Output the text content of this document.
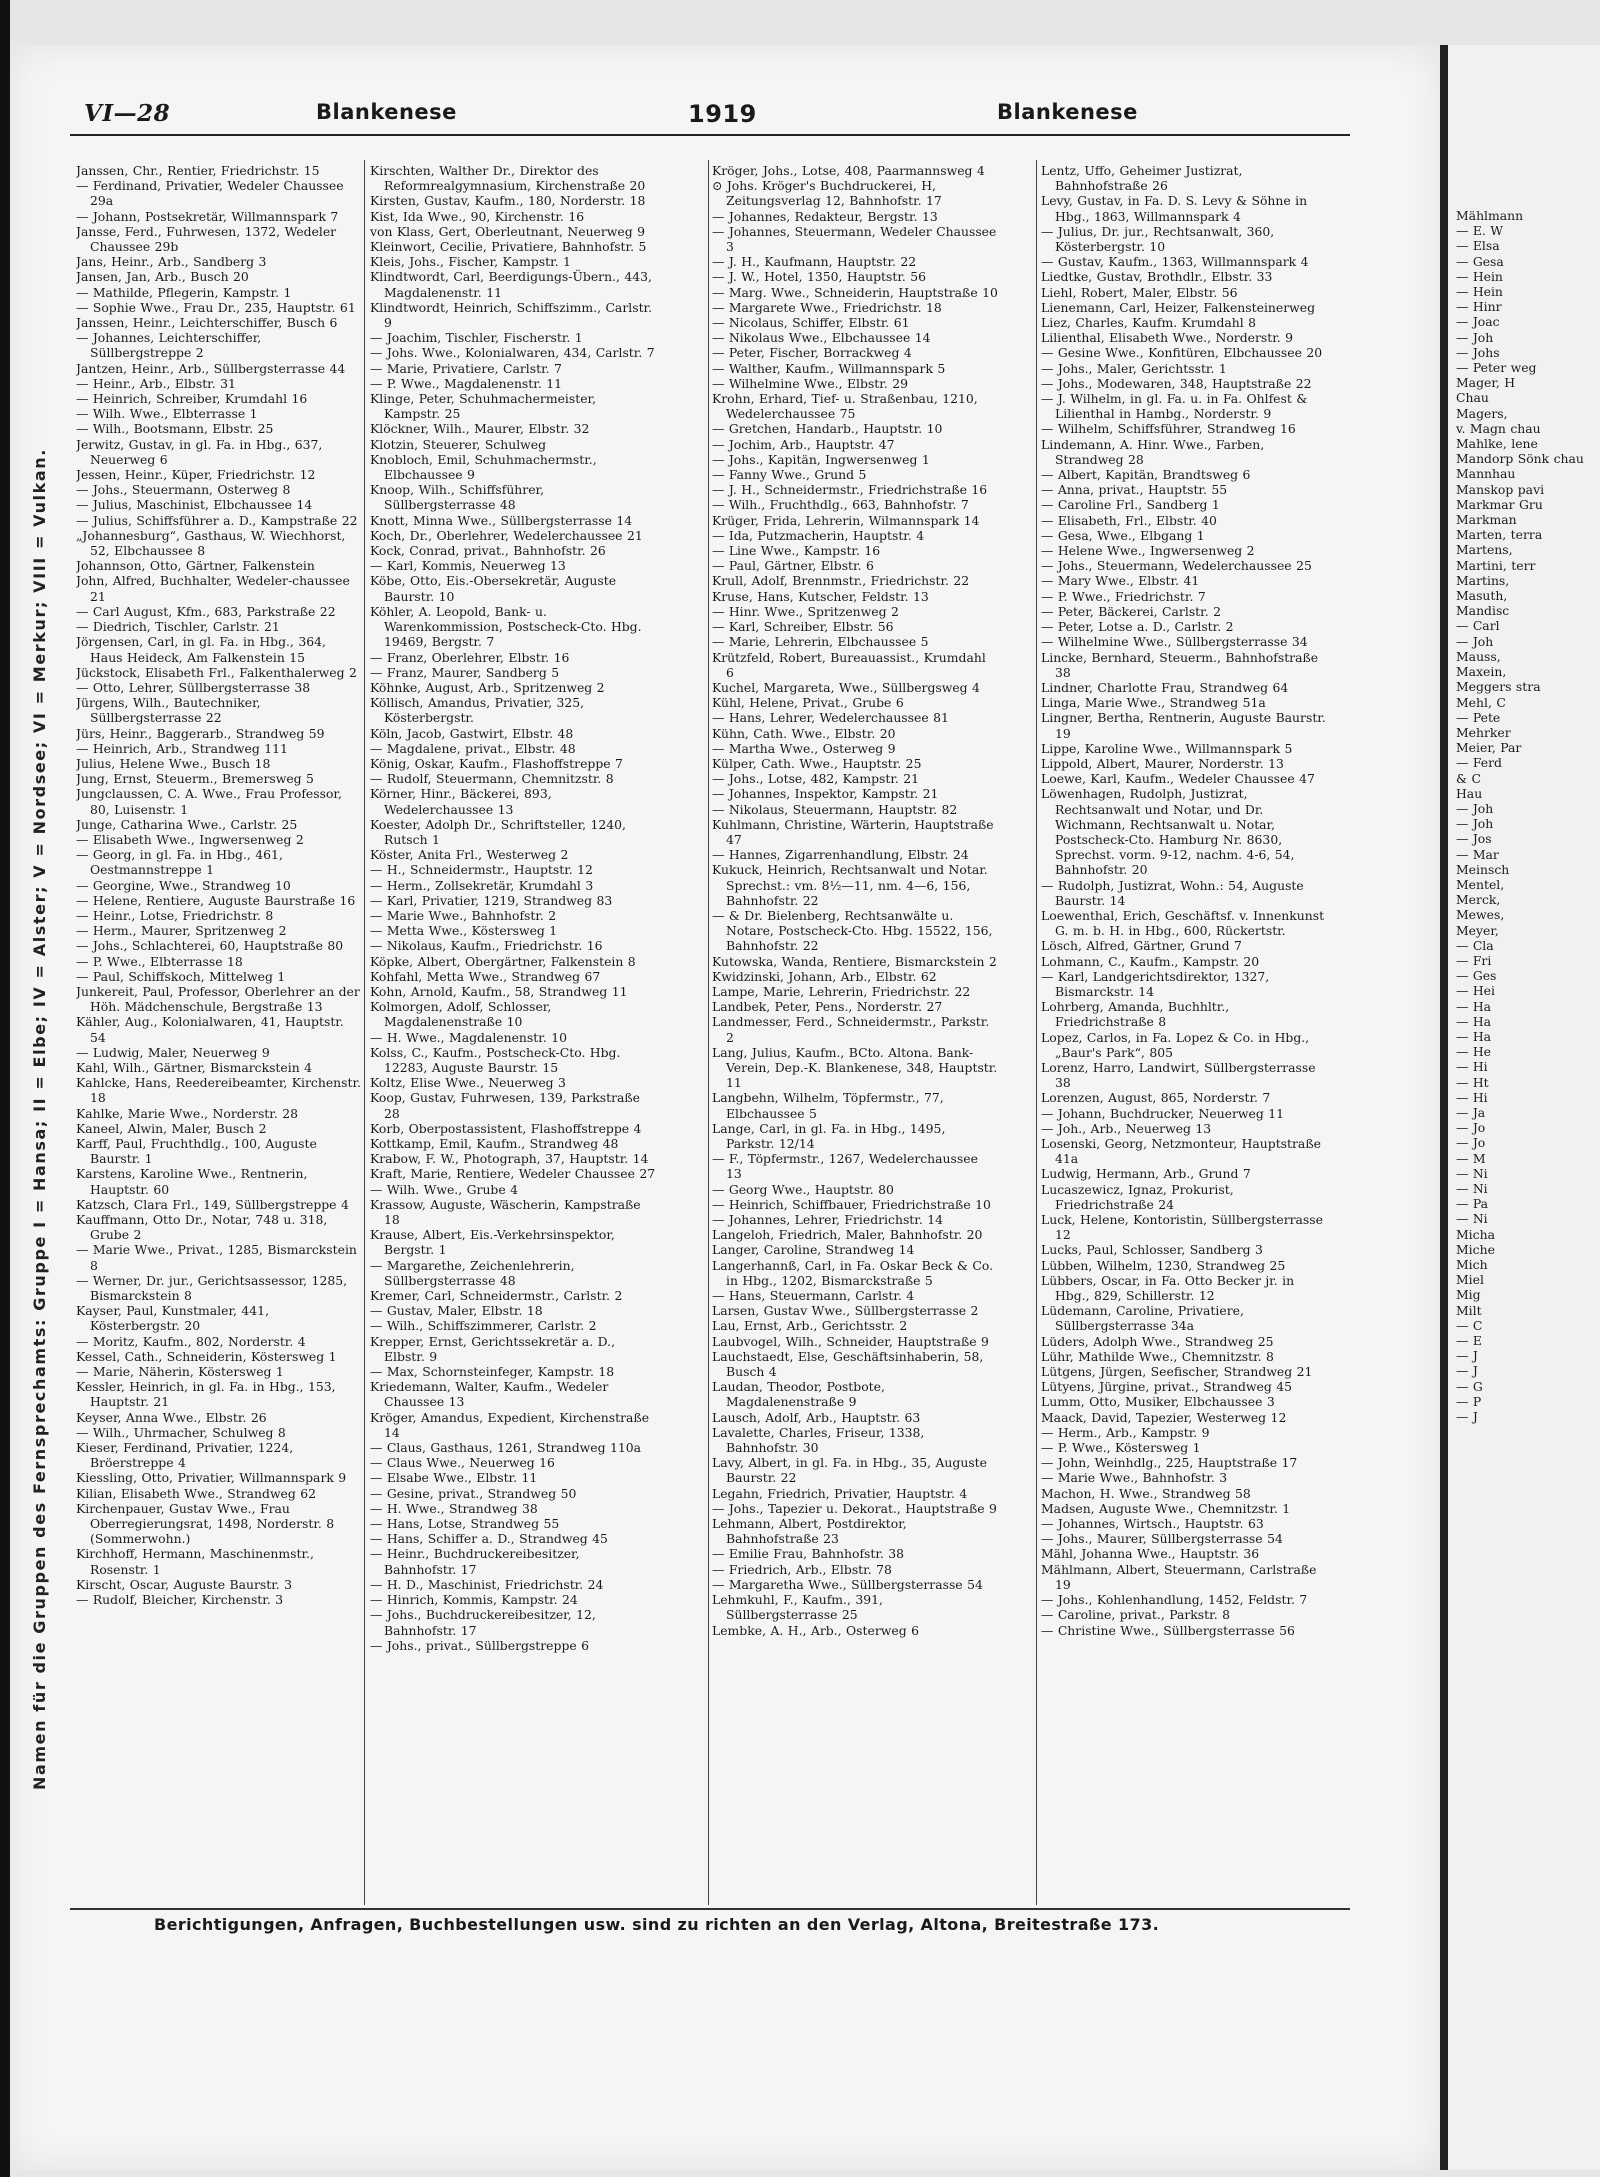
Mählmann

— E. W

— Elsa

— Gesa

— Hein

— Hein

— Hinr

— Joac

— Joh

— Johs

— Peter weg

Mager, H

Chau

Magers,

v. Magn chau

Mahlke, lene

Mandorp Sönk chau

Mannhau

Manskop pavi

Markmar Gru

Markman

Marten, terra

Martens,

Martini, terr

Martins,

Masuth,

Mandisc

— Carl

— Joh

Mauss,

Maxein,

Meggers stra

Mehl, C

— Pete

Mehrker

Meier, Par

— Ferd

& C

Hau

— Joh

— Joh

— Jos

— Mar

Meinsch

Mentel,

Merck,

Mewes,

Meyer,

— Cla

— Fri

— Ges

— Hei

— Ha

— Ha

— Ha

— He

— Hi

— Ht

— Hi

— Ja

— Jo

— Jo

— M

— Ni

— Ni

— Pa

— Ni

Micha

Miche

Mich

Miel

Mig

Milt

— C

— E

— J

— J

— G

— P

— J

VI—28	Blankenese	1919	Blankenese
Namen für die Gruppen des Fernsprechamts: Gruppe I = Hansa; II = Elbe; IV = Alster; V = Nordsee; VI = Merkur; VIII = Vulkan.

Janssen, Chr., Rentier, Friedrichstr. 15

— Ferdinand, Privatier, Wedeler Chaussee 29a

— Johann, Postsekretär, Willmannspark 7

Jansse, Ferd., Fuhrwesen, 1372, Wedeler Chaussee 29b

Jans, Heinr., Arb., Sandberg 3

Jansen, Jan, Arb., Busch 20

— Mathilde, Pflegerin, Kampstr. 1

— Sophie Wwe., Frau Dr., 235, Hauptstr. 61

Janssen, Heinr., Leichterschiffer, Busch 6

— Johannes, Leichterschiffer, Süllbergstreppe 2

Jantzen, Heinr., Arb., Süllbergsterrasse 44

— Heinr., Arb., Elbstr. 31

— Heinrich, Schreiber, Krumdahl 16

— Wilh. Wwe., Elbterrasse 1

— Wilh., Bootsmann, Elbstr. 25

Jerwitz, Gustav, in gl. Fa. in Hbg., 637, Neuerweg 6

Jessen, Heinr., Küper, Friedrichstr. 12

— Johs., Steuermann, Osterweg 8

— Julius, Maschinist, Elbchaussee 14

— Julius, Schiffsführer a. D., Kampstraße 22

„Johannesburg“, Gasthaus, W. Wiechhorst, 52, Elbchaussee 8

Johannson, Otto, Gärtner, Falkenstein

John, Alfred, Buchhalter, Wedeler-chaussee 21

— Carl August, Kfm., 683, Parkstraße 22

— Diedrich, Tischler, Carlstr. 21

Jörgensen, Carl, in gl. Fa. in Hbg., 364, Haus Heideck, Am Falkenstein 15

Jückstock, Elisabeth Frl., Falkenthalerweg 2

— Otto, Lehrer, Süllbergsterrasse 38

Jürgens, Wilh., Bautechniker, Süllbergsterrasse 22

Jürs, Heinr., Baggerarb., Strandweg 59

— Heinrich, Arb., Strandweg 111

Julius, Helene Wwe., Busch 18

Jung, Ernst, Steuerm., Bremersweg 5

Jungclaussen, C. A. Wwe., Frau Professor, 80, Luisenstr. 1

Junge, Catharina Wwe., Carlstr. 25

— Elisabeth Wwe., Ingwersenweg 2

— Georg, in gl. Fa. in Hbg., 461, Oestmannstreppe 1

— Georgine, Wwe., Strandweg 10

— Helene, Rentiere, Auguste Baurstraße 16

— Heinr., Lotse, Friedrichstr. 8

— Herm., Maurer, Spritzenweg 2

— Johs., Schlachterei, 60, Hauptstraße 80

— P. Wwe., Elbterrasse 18

— Paul, Schiffskoch, Mittelweg 1

Junkereit, Paul, Professor, Oberlehrer an der Höh. Mädchenschule, Bergstraße 13

Kähler, Aug., Kolonialwaren, 41, Hauptstr. 54

— Ludwig, Maler, Neuerweg 9

Kahl, Wilh., Gärtner, Bismarckstein 4

Kahlcke, Hans, Reedereibeamter, Kirchenstr. 18

Kahlke, Marie Wwe., Norderstr. 28

Kaneel, Alwin, Maler, Busch 2

Karff, Paul, Fruchthdlg., 100, Auguste Baurstr. 1

Karstens, Karoline Wwe., Rentnerin, Hauptstr. 60

Katzsch, Clara Frl., 149, Süllbergstreppe 4

Kauffmann, Otto Dr., Notar, 748 u. 318, Grube 2

— Marie Wwe., Privat., 1285, Bismarckstein 8

— Werner, Dr. jur., Gerichtsassessor, 1285, Bismarckstein 8

Kayser, Paul, Kunstmaler, 441, Kösterbergstr. 20

— Moritz, Kaufm., 802, Norderstr. 4

Kessel, Cath., Schneiderin, Köstersweg 1

— Marie, Näherin, Köstersweg 1

Kessler, Heinrich, in gl. Fa. in Hbg., 153, Hauptstr. 21

Keyser, Anna Wwe., Elbstr. 26

— Wilh., Uhrmacher, Schulweg 8

Kieser, Ferdinand, Privatier, 1224, Bröerstreppe 4

Kiessling, Otto, Privatier, Willmannspark 9

Kilian, Elisabeth Wwe., Strandweg 62

Kirchenpauer, Gustav Wwe., Frau Oberregierungsrat, 1498, Norderstr. 8 (Sommerwohn.)

Kirchhoff, Hermann, Maschinenmstr., Rosenstr. 1

Kirscht, Oscar, Auguste Baurstr. 3

— Rudolf, Bleicher, Kirchenstr. 3

Kirschten, Walther Dr., Direktor des Reformrealgymnasium, Kirchenstraße 20

Kirsten, Gustav, Kaufm., 180, Norderstr. 18

Kist, Ida Wwe., 90, Kirchenstr. 16

von Klass, Gert, Oberleutnant, Neuerweg 9

Kleinwort, Cecilie, Privatiere, Bahnhofstr. 5

Kleis, Johs., Fischer, Kampstr. 1

Klindtwordt, Carl, Beerdigungs-Übern., 443, Magdalenenstr. 11

Klindtwordt, Heinrich, Schiffszimm., Carlstr. 9

— Joachim, Tischler, Fischerstr. 1

— Johs. Wwe., Kolonialwaren, 434, Carlstr. 7

— Marie, Privatiere, Carlstr. 7

— P. Wwe., Magdalenenstr. 11

Klinge, Peter, Schuhmachermeister, Kampstr. 25

Klöckner, Wilh., Maurer, Elbstr. 32

Klotzin, Steuerer, Schulweg

Knobloch, Emil, Schuhmachermstr., Elbchaussee 9

Knoop, Wilh., Schiffsführer, Süllbergsterrasse 48

Knott, Minna Wwe., Süllbergsterrasse 14

Koch, Dr., Oberlehrer, Wedelerchaussee 21

Kock, Conrad, privat., Bahnhofstr. 26

— Karl, Kommis, Neuerweg 13

Köbe, Otto, Eis.-Obersekretär, Auguste Baurstr. 10

Köhler, A. Leopold, Bank- u. Warenkommission, Postscheck-Cto. Hbg. 19469, Bergstr. 7

— Franz, Oberlehrer, Elbstr. 16

— Franz, Maurer, Sandberg 5

Köhnke, August, Arb., Spritzenweg 2

Köllisch, Amandus, Privatier, 325, Kösterbergstr.

Köln, Jacob, Gastwirt, Elbstr. 48

— Magdalene, privat., Elbstr. 48

König, Oskar, Kaufm., Flashoffstreppe 7

— Rudolf, Steuermann, Chemnitzstr. 8

Körner, Hinr., Bäckerei, 893, Wedelerchaussee 13

Koester, Adolph Dr., Schriftsteller, 1240, Rutsch 1

Köster, Anita Frl., Westerweg 2

— H., Schneidermstr., Hauptstr. 12

— Herm., Zollsekretär, Krumdahl 3

— Karl, Privatier, 1219, Strandweg 83

— Marie Wwe., Bahnhofstr. 2

— Metta Wwe., Köstersweg 1

— Nikolaus, Kaufm., Friedrichstr. 16

Köpke, Albert, Obergärtner, Falkenstein 8

Kohfahl, Metta Wwe., Strandweg 67

Kohn, Arnold, Kaufm., 58, Strandweg 11

Kolmorgen, Adolf, Schlosser, Magdalenenstraße 10

— H. Wwe., Magdalenenstr. 10

Kolss, C., Kaufm., Postscheck-Cto. Hbg. 12283, Auguste Baurstr. 15

Koltz, Elise Wwe., Neuerweg 3

Koop, Gustav, Fuhrwesen, 139, Parkstraße 28

Korb, Oberpostassistent, Flashoffstreppe 4

Kottkamp, Emil, Kaufm., Strandweg 48

Krabow, F. W., Photograph, 37, Hauptstr. 14

Kraft, Marie, Rentiere, Wedeler Chaussee 27

— Wilh. Wwe., Grube 4

Krassow, Auguste, Wäscherin, Kampstraße 18

Krause, Albert, Eis.-Verkehrsinspektor, Bergstr. 1

— Margarethe, Zeichenlehrerin, Süllbergsterrasse 48

Kremer, Carl, Schneidermstr., Carlstr. 2

— Gustav, Maler, Elbstr. 18

— Wilh., Schiffszimmerer, Carlstr. 2

Krepper, Ernst, Gerichtssekretär a. D., Elbstr. 9

— Max, Schornsteinfeger, Kampstr. 18

Kriedemann, Walter, Kaufm., Wedeler Chaussee 13

Kröger, Amandus, Expedient, Kirchenstraße 14

— Claus, Gasthaus, 1261, Strandweg 110a

— Claus Wwe., Neuerweg 16

— Elsabe Wwe., Elbstr. 11

— Gesine, privat., Strandweg 50

— H. Wwe., Strandweg 38

— Hans, Lotse, Strandweg 55

— Hans, Schiffer a. D., Strandweg 45

— Heinr., Buchdruckereibesitzer, Bahnhofstr. 17

— H. D., Maschinist, Friedrichstr. 24

— Hinrich, Kommis, Kampstr. 24

— Johs., Buchdruckereibesitzer, 12, Bahnhofstr. 17

— Johs., privat., Süllbergstreppe 6

Kröger, Johs., Lotse, 408, Paarmannsweg 4

⊙ Johs. Kröger's Buchdruckerei, H, Zeitungsverlag 12, Bahnhofstr. 17

— Johannes, Redakteur, Bergstr. 13

— Johannes, Steuermann, Wedeler Chaussee 3

— J. H., Kaufmann, Hauptstr. 22

— J. W., Hotel, 1350, Hauptstr. 56

— Marg. Wwe., Schneiderin, Hauptstraße 10

— Margarete Wwe., Friedrichstr. 18

— Nicolaus, Schiffer, Elbstr. 61

— Nikolaus Wwe., Elbchaussee 14

— Peter, Fischer, Borrackweg 4

— Walther, Kaufm., Willmannspark 5

— Wilhelmine Wwe., Elbstr. 29

Krohn, Erhard, Tief- u. Straßenbau, 1210, Wedelerchaussee 75

— Gretchen, Handarb., Hauptstr. 10

— Jochim, Arb., Hauptstr. 47

— Johs., Kapitän, Ingwersenweg 1

— Fanny Wwe., Grund 5

— J. H., Schneidermstr., Friedrichstraße 16

— Wilh., Fruchthdlg., 663, Bahnhofstr. 7

Krüger, Frida, Lehrerin, Wilmannspark 14

— Ida, Putzmacherin, Hauptstr. 4

— Line Wwe., Kampstr. 16

— Paul, Gärtner, Elbstr. 6

Krull, Adolf, Brennmstr., Friedrichstr. 22

Kruse, Hans, Kutscher, Feldstr. 13

— Hinr. Wwe., Spritzenweg 2

— Karl, Schreiber, Elbstr. 56

— Marie, Lehrerin, Elbchaussee 5

Krützfeld, Robert, Bureauassist., Krumdahl 6

Kuchel, Margareta, Wwe., Süllbergsweg 4

Kühl, Helene, Privat., Grube 6

— Hans, Lehrer, Wedelerchaussee 81

Kühn, Cath. Wwe., Elbstr. 20

— Martha Wwe., Osterweg 9

Külper, Cath. Wwe., Hauptstr. 25

— Johs., Lotse, 482, Kampstr. 21

— Johannes, Inspektor, Kampstr. 21

— Nikolaus, Steuermann, Hauptstr. 82

Kuhlmann, Christine, Wärterin, Hauptstraße 47

— Hannes, Zigarrenhandlung, Elbstr. 24

Kukuck, Heinrich, Rechtsanwalt und Notar. Sprechst.: vm. 8½—11, nm. 4—6, 156, Bahnhofstr. 22

— & Dr. Bielenberg, Rechtsanwälte u. Notare, Postscheck-Cto. Hbg. 15522, 156, Bahnhofstr. 22

Kutowska, Wanda, Rentiere, Bismarckstein 2

Kwidzinski, Johann, Arb., Elbstr. 62

Lampe, Marie, Lehrerin, Friedrichstr. 22

Landbek, Peter, Pens., Norderstr. 27

Landmesser, Ferd., Schneidermstr., Parkstr. 2

Lang, Julius, Kaufm., BCto. Altona. Bank-Verein, Dep.-K. Blankenese, 348, Hauptstr. 11

Langbehn, Wilhelm, Töpfermstr., 77, Elbchaussee 5

Lange, Carl, in gl. Fa. in Hbg., 1495, Parkstr. 12/14

— F., Töpfermstr., 1267, Wedelerchaussee 13

— Georg Wwe., Hauptstr. 80

— Heinrich, Schiffbauer, Friedrichstraße 10

— Johannes, Lehrer, Friedrichstr. 14

Langeloh, Friedrich, Maler, Bahnhofstr. 20

Langer, Caroline, Strandweg 14

Langerhannß, Carl, in Fa. Oskar Beck & Co. in Hbg., 1202, Bismarckstraße 5

— Hans, Steuermann, Carlstr. 4

Larsen, Gustav Wwe., Süllbergsterrasse 2

Lau, Ernst, Arb., Gerichtsstr. 2

Laubvogel, Wilh., Schneider, Hauptstraße 9

Lauchstaedt, Else, Geschäftsinhaberin, 58, Busch 4

Laudan, Theodor, Postbote, Magdalenenstraße 9

Lausch, Adolf, Arb., Hauptstr. 63

Lavalette, Charles, Friseur, 1338, Bahnhofstr. 30

Lavy, Albert, in gl. Fa. in Hbg., 35, Auguste Baurstr. 22

Legahn, Friedrich, Privatier, Hauptstr. 4

— Johs., Tapezier u. Dekorat., Hauptstraße 9

Lehmann, Albert, Postdirektor, Bahnhofstraße 23

— Emilie Frau, Bahnhofstr. 38

— Friedrich, Arb., Elbstr. 78

— Margaretha Wwe., Süllbergsterrasse 54

Lehmkuhl, F., Kaufm., 391, Süllbergsterrasse 25

Lembke, A. H., Arb., Osterweg 6

Lentz, Uffo, Geheimer Justizrat, Bahnhofstraße 26

Levy, Gustav, in Fa. D. S. Levy & Söhne in Hbg., 1863, Willmannspark 4

— Julius, Dr. jur., Rechtsanwalt, 360, Kösterbergstr. 10

— Gustav, Kaufm., 1363, Willmannspark 4

Liedtke, Gustav, Brothdlr., Elbstr. 33

Liehl, Robert, Maler, Elbstr. 56

Lienemann, Carl, Heizer, Falkensteinerweg

Liez, Charles, Kaufm. Krumdahl 8

Lilienthal, Elisabeth Wwe., Norderstr. 9

— Gesine Wwe., Konfitüren, Elbchaussee 20

— Johs., Maler, Gerichtsstr. 1

— Johs., Modewaren, 348, Hauptstraße 22

— J. Wilhelm, in gl. Fa. u. in Fa. Ohlfest & Lilienthal in Hambg., Norderstr. 9

— Wilhelm, Schiffsführer, Strandweg 16

Lindemann, A. Hinr. Wwe., Farben, Strandweg 28

— Albert, Kapitän, Brandtsweg 6

— Anna, privat., Hauptstr. 55

— Caroline Frl., Sandberg 1

— Elisabeth, Frl., Elbstr. 40

— Gesa, Wwe., Elbgang 1

— Helene Wwe., Ingwersenweg 2

— Johs., Steuermann, Wedelerchaussee 25

— Mary Wwe., Elbstr. 41

— P. Wwe., Friedrichstr. 7

— Peter, Bäckerei, Carlstr. 2

— Peter, Lotse a. D., Carlstr. 2

— Wilhelmine Wwe., Süllbergsterrasse 34

Lincke, Bernhard, Steuerm., Bahnhofstraße 38

Lindner, Charlotte Frau, Strandweg 64

Linga, Marie Wwe., Strandweg 51a

Lingner, Bertha, Rentnerin, Auguste Baurstr. 19

Lippe, Karoline Wwe., Willmannspark 5

Lippold, Albert, Maurer, Norderstr. 13

Loewe, Karl, Kaufm., Wedeler Chaussee 47

Löwenhagen, Rudolph, Justizrat, Rechtsanwalt und Notar, und Dr. Wichmann, Rechtsanwalt u. Notar, Postscheck-Cto. Hamburg Nr. 8630, Sprechst. vorm. 9-12, nachm. 4-6, 54, Bahnhofstr. 20

— Rudolph, Justizrat, Wohn.: 54, Auguste Baurstr. 14

Loewenthal, Erich, Geschäftsf. v. Innenkunst G. m. b. H. in Hbg., 600, Rückertstr.

Lösch, Alfred, Gärtner, Grund 7

Lohmann, C., Kaufm., Kampstr. 20

— Karl, Landgerichtsdirektor, 1327, Bismarckstr. 14

Lohrberg, Amanda, Buchhltr., Friedrichstraße 8

Lopez, Carlos, in Fa. Lopez & Co. in Hbg., „Baur's Park“, 805

Lorenz, Harro, Landwirt, Süllbergsterrasse 38

Lorenzen, August, 865, Norderstr. 7

— Johann, Buchdrucker, Neuerweg 11

— Joh., Arb., Neuerweg 13

Losenski, Georg, Netzmonteur, Hauptstraße 41a

Ludwig, Hermann, Arb., Grund 7

Lucaszewicz, Ignaz, Prokurist, Friedrichstraße 24

Luck, Helene, Kontoristin, Süllbergsterrasse 12

Lucks, Paul, Schlosser, Sandberg 3

Lübben, Wilhelm, 1230, Strandweg 25

Lübbers, Oscar, in Fa. Otto Becker jr. in Hbg., 829, Schillerstr. 12

Lüdemann, Caroline, Privatiere, Süllbergsterrasse 34a

Lüders, Adolph Wwe., Strandweg 25

Lühr, Mathilde Wwe., Chemnitzstr. 8

Lütgens, Jürgen, Seefischer, Strandweg 21

Lütyens, Jürgine, privat., Strandweg 45

Lumm, Otto, Musiker, Elbchaussee 3

Maack, David, Tapezier, Westerweg 12

— Herm., Arb., Kampstr. 9

— P. Wwe., Köstersweg 1

— John, Weinhdlg., 225, Hauptstraße 17

— Marie Wwe., Bahnhofstr. 3

Machon, H. Wwe., Strandweg 58

Madsen, Auguste Wwe., Chemnitzstr. 1

— Johannes, Wirtsch., Hauptstr. 63

— Johs., Maurer, Süllbergsterrasse 54

Mähl, Johanna Wwe., Hauptstr. 36

Mählmann, Albert, Steuermann, Carlstraße 19

— Johs., Kohlenhandlung, 1452, Feldstr. 7

— Caroline, privat., Parkstr. 8

— Christine Wwe., Süllbergsterrasse 56

Berichtigungen, Anfragen, Buchbestellungen usw. sind zu richten an den Verlag, Altona, Breitestraße 173.
